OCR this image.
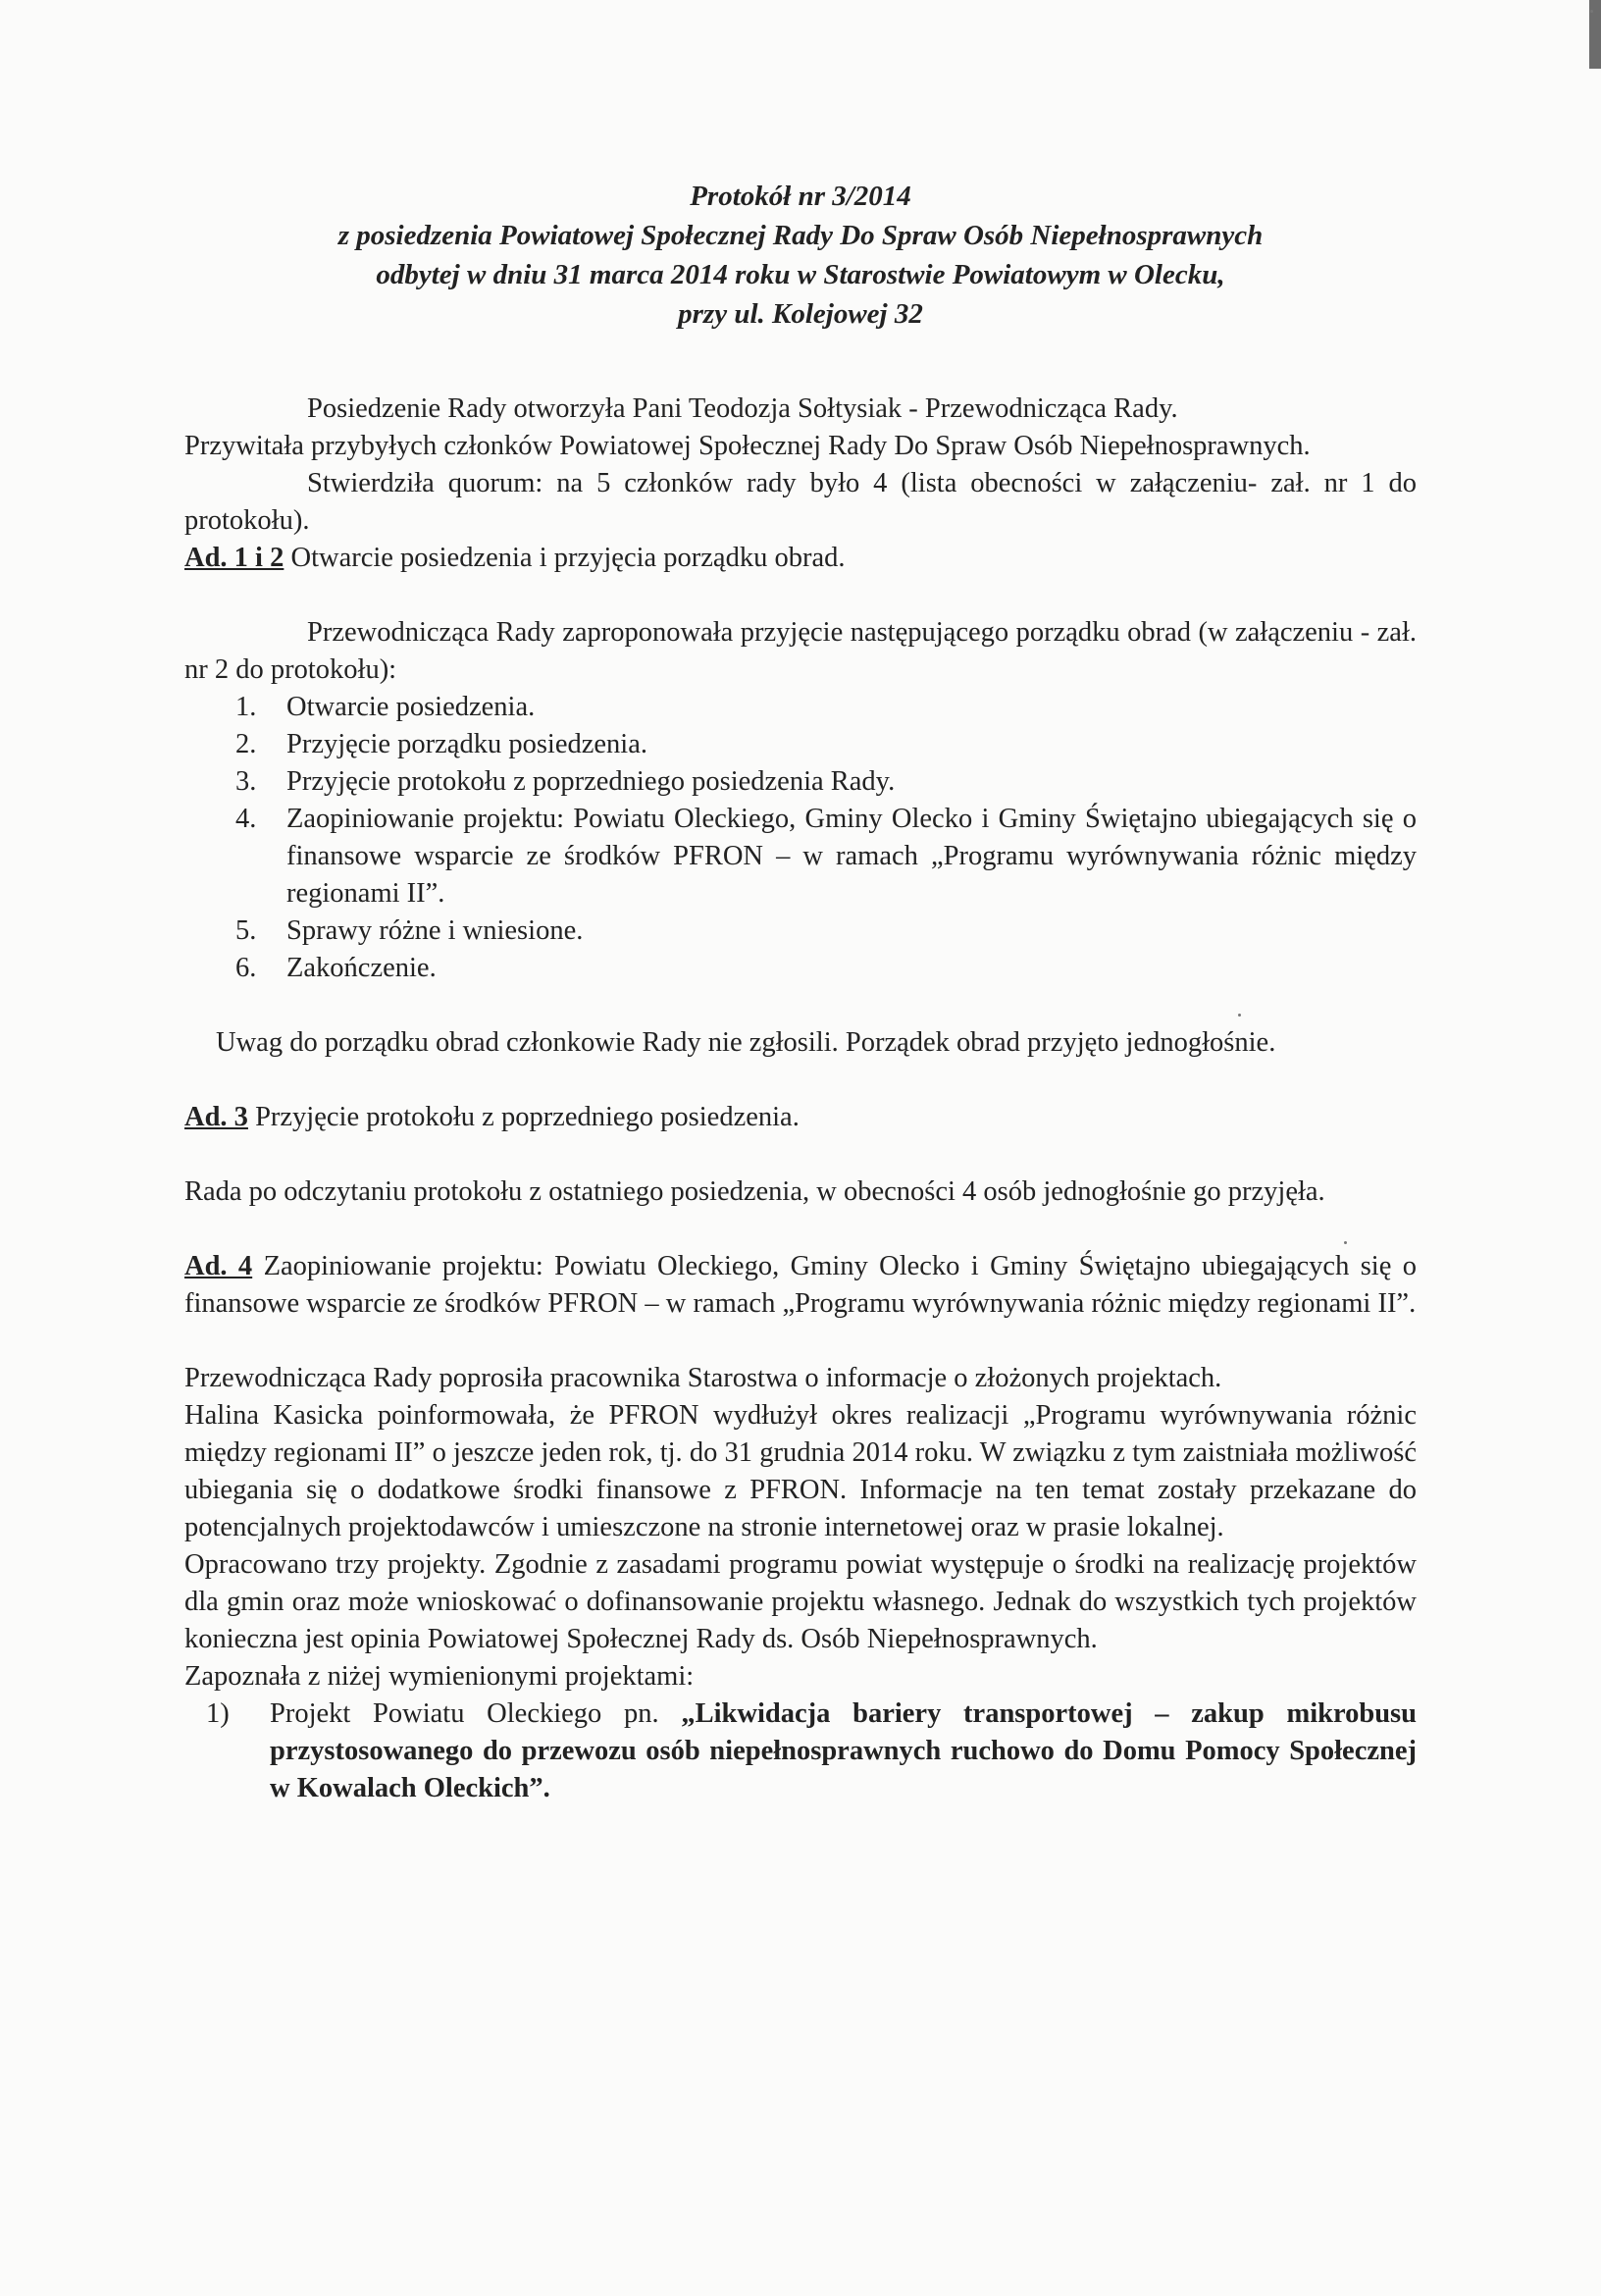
Protokół nr 3/2014
z posiedzenia Powiatowej Społecznej Rady Do Spraw Osób Niepełnosprawnych
odbytej w dniu 31 marca 2014 roku w Starostwie Powiatowym w Olecku,
przy ul. Kolejowej 32

Posiedzenie Rady otworzyła Pani Teodozja Sołtysiak - Przewodnicząca Rady.

Przywitała przybyłych członków Powiatowej Społecznej Rady Do Spraw Osób Niepełnosprawnych.

Stwierdziła quorum: na 5 członków rady było 4 (lista obecności w załączeniu- zał. nr 1 do protokołu).

Ad. 1 i 2 Otwarcie posiedzenia i przyjęcia porządku obrad.

Przewodnicząca Rady zaproponowała przyjęcie następującego porządku obrad (w załączeniu - zał. nr 2 do protokołu):

1. Otwarcie posiedzenia.
2. Przyjęcie porządku posiedzenia.
3. Przyjęcie protokołu z poprzedniego posiedzenia Rady.
4. Zaopiniowanie projektu: Powiatu Oleckiego, Gminy Olecko i Gminy Świętajno ubiegających się o finansowe wsparcie ze środków PFRON – w ramach „Programu wyrównywania różnic między regionami II”.
5. Sprawy różne i wniesione.
6. Zakończenie.

Uwag do porządku obrad członkowie Rady nie zgłosili. Porządek obrad przyjęto jednogłośnie.

Ad. 3 Przyjęcie protokołu z poprzedniego posiedzenia.

Rada po odczytaniu protokołu z ostatniego posiedzenia, w obecności 4 osób jednogłośnie go przyjęła.

Ad. 4 Zaopiniowanie projektu: Powiatu Oleckiego, Gminy Olecko i Gminy Świętajno ubiegających się o finansowe wsparcie ze środków PFRON – w ramach „Programu wyrównywania różnic między regionami II”.

Przewodnicząca Rady poprosiła pracownika Starostwa o informacje o złożonych projektach.

Halina Kasicka poinformowała, że PFRON wydłużył okres realizacji „Programu wyrównywania różnic między regionami II” o jeszcze jeden rok, tj. do 31 grudnia 2014 roku. W związku z tym zaistniała możliwość ubiegania się o dodatkowe środki finansowe z PFRON. Informacje na ten temat zostały przekazane do potencjalnych projektodawców i umieszczone na stronie internetowej oraz w prasie lokalnej.

Opracowano trzy projekty. Zgodnie z zasadami programu powiat występuje o środki na realizację projektów dla gmin oraz może wnioskować o dofinansowanie projektu własnego. Jednak do wszystkich tych projektów konieczna jest opinia Powiatowej Społecznej Rady ds. Osób Niepełnosprawnych.

Zapoznała z niżej wymienionymi projektami:

1) Projekt Powiatu Oleckiego pn. „Likwidacja bariery transportowej – zakup mikrobusu przystosowanego do przewozu osób niepełnosprawnych ruchowo do Domu Pomocy Społecznej w Kowalach Oleckich”.
